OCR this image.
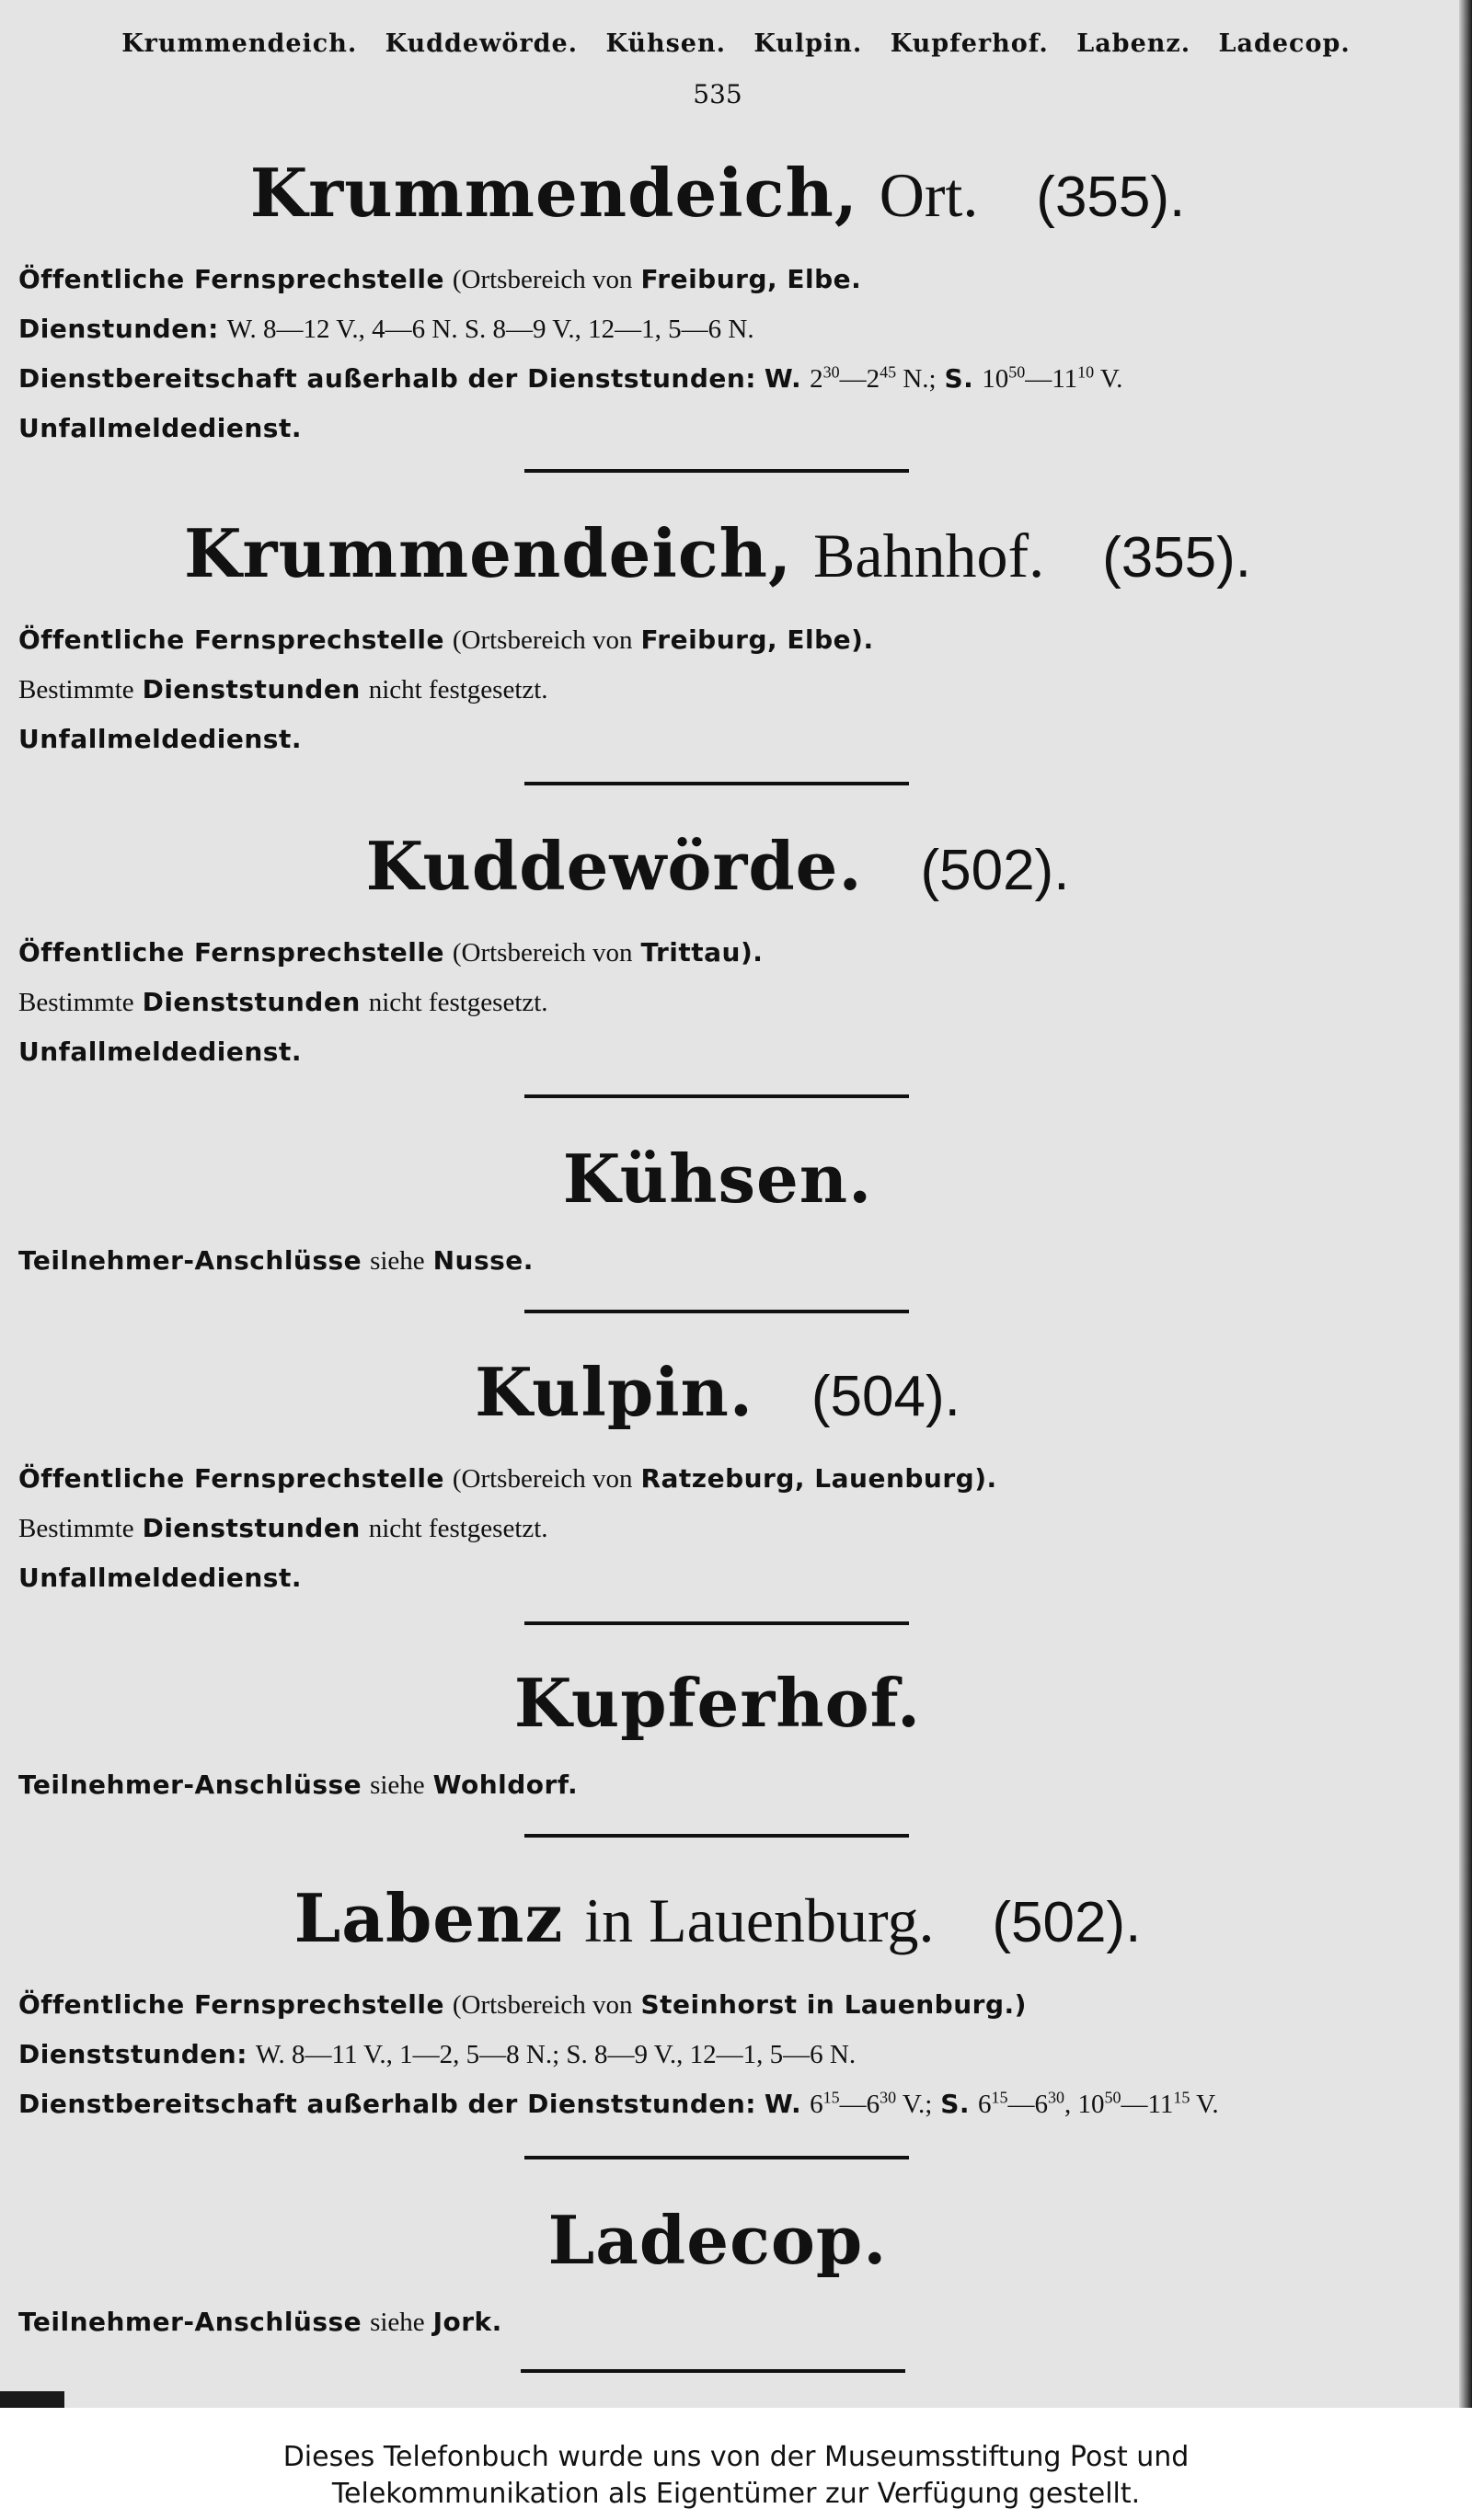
Krummendeich. Kuddewörde. Kühsen. Kulpin. Kupferhof. Labenz. Ladecop.
535
Krummendeich, Ort. (355).
Öffentliche Fernsprechstelle (Ortsbereich von Freiburg, Elbe.
Dienstunden: W. 8—12 V., 4—6 N. S. 8—9 V., 12—1, 5—6 N.
Dienstbereitschaft außerhalb der Dienststunden: W. $2^{30}—2^{45}$ N.; S. $10^{50}—11^{10}$ V.
Unfallmeldedienst.
Krummendeich, Bahnhof. (355).
Öffentliche Fernsprechstelle (Ortsbereich von Freiburg, Elbe).
Bestimmte Dienststunden nicht festgesetzt.
Unfallmeldedienst.
Kuddewörde. (502).
Öffentliche Fernsprechstelle (Ortsbereich von Trittau).
Bestimmte Dienststunden nicht festgesetzt.
Unfallmeldedienst.
Kühsen.
Teilnehmer-Anschlüsse siehe Nusse.
Kulpin. (504).
Öffentliche Fernsprechstelle (Ortsbereich von Ratzeburg, Lauenburg).
Bestimmte Dienststunden nicht festgesetzt.
Unfallmeldedienst.
Kupferhof.
Teilnehmer-Anschlüsse siehe Wohldorf.
Labenz in Lauenburg. (502).
Öffentliche Fernsprechstelle (Ortsbereich von Steinhorst in Lauenburg.)
Dienststunden: W. 8—11 V., 1—2, 5—8 N.; S. 8—9 V., 12—1, 5—6 N.
Dienstbereitschaft außerhalb der Dienststunden: W. $6^{15}—6^{30}$ V.; S. $6^{15}—6^{30}$, $10^{50}—11^{15}$ V.
Ladecop.
Teilnehmer-Anschlüsse siehe Jork.
Dieses Telefonbuch wurde uns von der Museumsstiftung Post und
Telekommunikation als Eigentümer zur Verfügung gestellt.
